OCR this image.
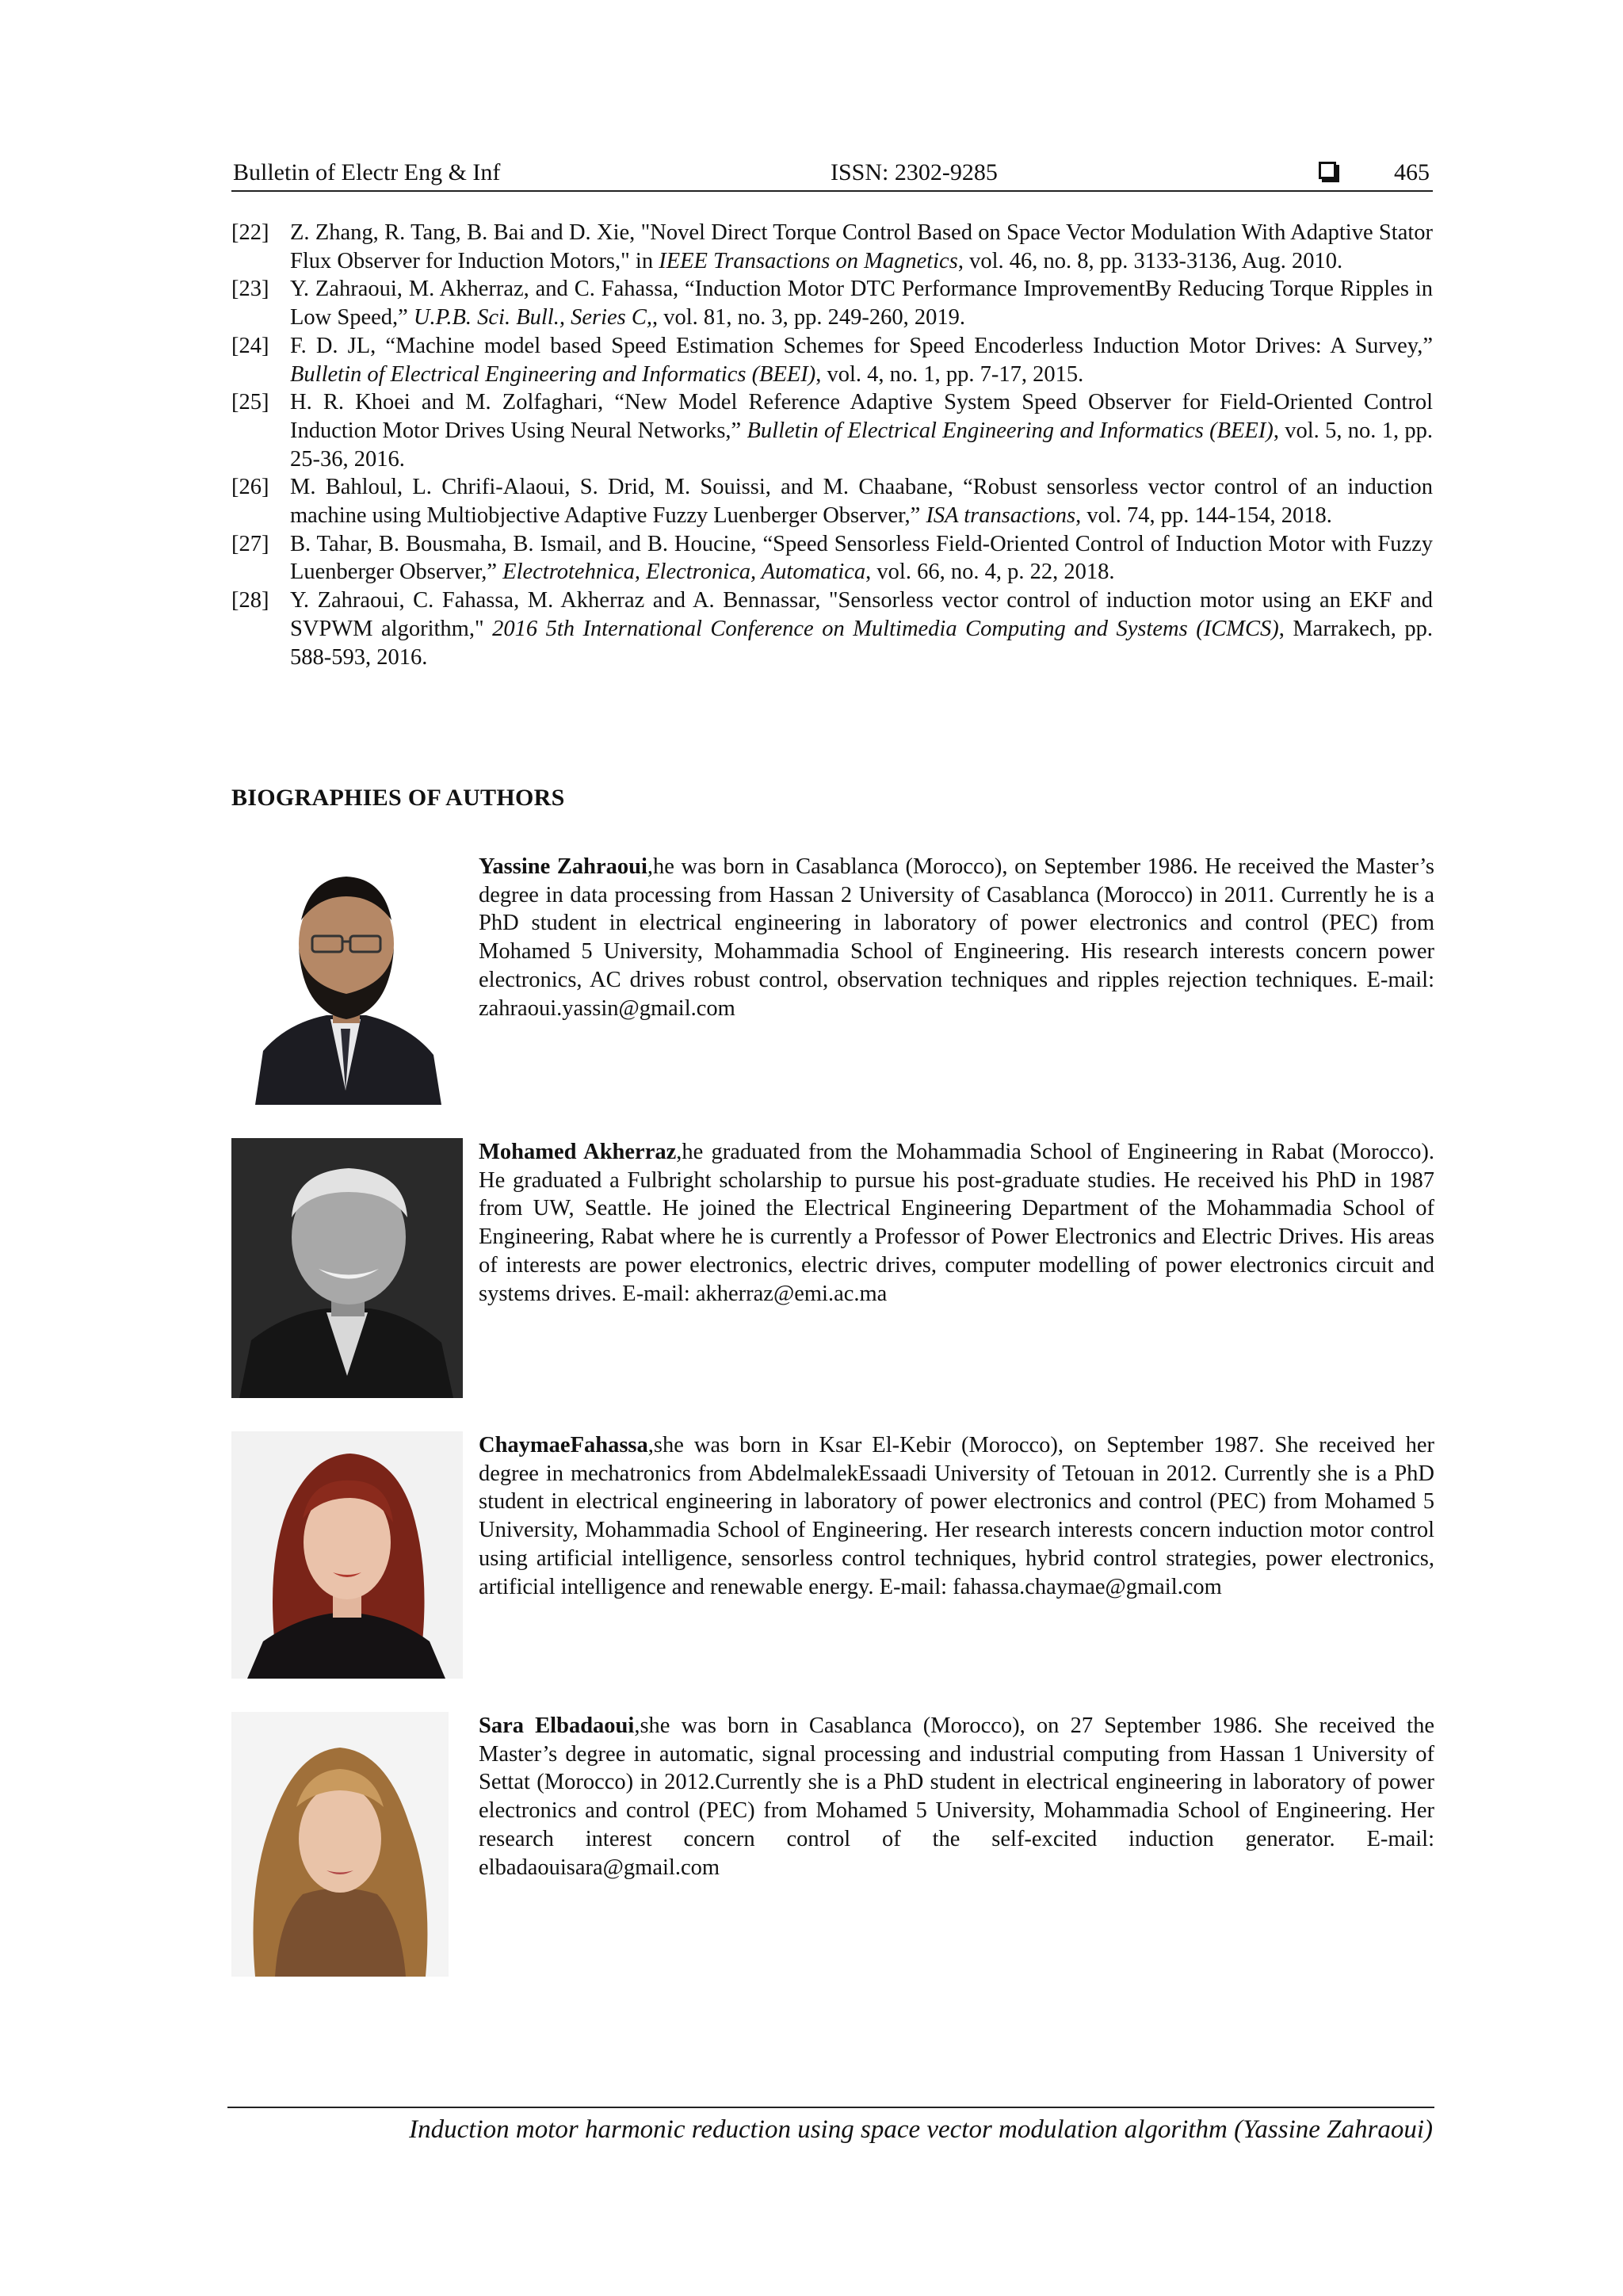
Bulletin of Electr Eng & Inf	ISSN: 2302-9285	465
[22] Z. Zhang, R. Tang, B. Bai and D. Xie, "Novel Direct Torque Control Based on Space Vector Modulation With Adaptive Stator Flux Observer for Induction Motors," in IEEE Transactions on Magnetics, vol. 46, no. 8, pp. 3133-3136, Aug. 2010.
[23] Y. Zahraoui, M. Akherraz, and C. Fahassa, “Induction Motor DTC Performance ImprovementBy Reducing Torque Ripples in Low Speed,” U.P.B. Sci. Bull., Series C,, vol. 81, no. 3, pp. 249-260, 2019.
[24] F. D. JL, “Machine model based Speed Estimation Schemes for Speed Encoderless Induction Motor Drives: A Survey,” Bulletin of Electrical Engineering and Informatics (BEEI), vol. 4, no. 1, pp. 7-17, 2015.
[25] H. R. Khoei and M. Zolfaghari, “New Model Reference Adaptive System Speed Observer for Field-Oriented Control Induction Motor Drives Using Neural Networks,” Bulletin of Electrical Engineering and Informatics (BEEI), vol. 5, no. 1, pp. 25-36, 2016.
[26] M. Bahloul, L. Chrifi-Alaoui, S. Drid, M. Souissi, and M. Chaabane, “Robust sensorless vector control of an induction machine using Multiobjective Adaptive Fuzzy Luenberger Observer,” ISA transactions, vol. 74, pp. 144-154, 2018.
[27] B. Tahar, B. Bousmaha, B. Ismail, and B. Houcine, “Speed Sensorless Field-Oriented Control of Induction Motor with Fuzzy Luenberger Observer,” Electrotehnica, Electronica, Automatica, vol. 66, no. 4, p. 22, 2018.
[28] Y. Zahraoui, C. Fahassa, M. Akherraz and A. Bennassar, "Sensorless vector control of induction motor using an EKF and SVPWM algorithm," 2016 5th International Conference on Multimedia Computing and Systems (ICMCS), Marrakech, pp. 588-593, 2016.
BIOGRAPHIES OF AUTHORS
Yassine Zahraoui,he was born in Casablanca (Morocco), on September 1986. He received the Master’s degree in data processing from Hassan 2 University of Casablanca (Morocco) in 2011. Currently he is a PhD student in electrical engineering in laboratory of power electronics and control (PEC) from Mohamed 5 University, Mohammadia School of Engineering. His research interests concern power electronics, AC drives robust control, observation techniques and ripples rejection techniques. E-mail: zahraoui.yassin@gmail.com
Mohamed Akherraz,he graduated from the Mohammadia School of Engineering in Rabat (Morocco). He graduated a Fulbright scholarship to pursue his post-graduate studies. He received his PhD in 1987 from UW, Seattle. He joined the Electrical Engineering Department of the Mohammadia School of Engineering, Rabat where he is currently a Professor of Power Electronics and Electric Drives. His areas of interests are power electronics, electric drives, computer modelling of power electronics circuit and systems drives. E-mail: akherraz@emi.ac.ma
ChaymaeFahassa,she was born in Ksar El-Kebir (Morocco), on September 1987. She received her degree in mechatronics from AbdelmalekEssaadi University of Tetouan in 2012. Currently she is a PhD student in electrical engineering in laboratory of power electronics and control (PEC) from Mohamed 5 University, Mohammadia School of Engineering. Her research interests concern induction motor control using artificial intelligence, sensorless control techniques, hybrid control strategies, power electronics, artificial intelligence and renewable energy. E-mail: fahassa.chaymae@gmail.com
Sara Elbadaoui,she was born in Casablanca (Morocco), on 27 September 1986. She received the Master’s degree in automatic, signal processing and industrial computing from Hassan 1 University of Settat (Morocco) in 2012.Currently she is a PhD student in electrical engineering in laboratory of power electronics and control (PEC) from Mohamed 5 University, Mohammadia School of Engineering. Her research interest concern control of the self-excited induction generator. E-mail: elbadaouisara@gmail.com
Induction motor harmonic reduction using space vector modulation algorithm (Yassine Zahraoui)
